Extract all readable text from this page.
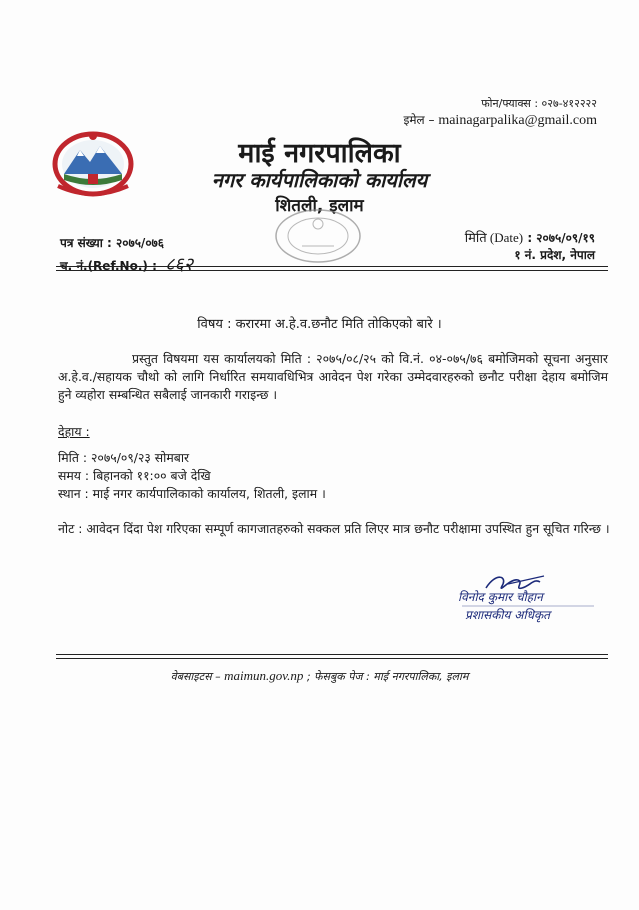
फोन/फ्याक्स : ०२७-४१२२२२
इमेल – mainagarpalika@gmail.com
माई नगरपालिका
नगर कार्यपालिकाको कार्यालय
शितली, इलाम
पत्र संख्या : २०७५/०७६
च. नं.(Ref.No.) : ८६२
मिति (Date) : २०७५/०९/१९
१ नं. प्रदेश, नेपाल
विषय : करारमा अ.हे.व.छनौट मिति तोकिएको बारे ।
प्रस्तुत विषयमा यस कार्यालयको मिति : २०७५/०८/२५ को वि.नं. ०४-०७५/७६ बमोजिमको सूचना अनुसार अ.हे.व./सहायक चौथो को लागि निर्धारित समयावधिभित्र आवेदन पेश गरेका उम्मेदवारहरुको छनौट परीक्षा देहाय बमोजिम हुने व्यहोरा सम्बन्धित सबैलाई जानकारी गराइन्छ ।
देहाय :
मिति : २०७५/०९/२३ सोमबार
समय : बिहानको ११:०० बजे देखि
स्थान : माई नगर कार्यपालिकाको कार्यालय, शितली, इलाम ।
नोट : आवेदन दिंदा पेश गरिएका सम्पूर्ण कागजातहरुको सक्कल प्रति लिएर मात्र छनौट परीक्षामा उपस्थित हुन सूचित गरिन्छ ।
विनोद कुमार चौहान
प्रशासकीय अधिकृत
वेबसाइटस – maimun.gov.np ; फेसबुक पेज : माई नगरपालिका, इलाम
